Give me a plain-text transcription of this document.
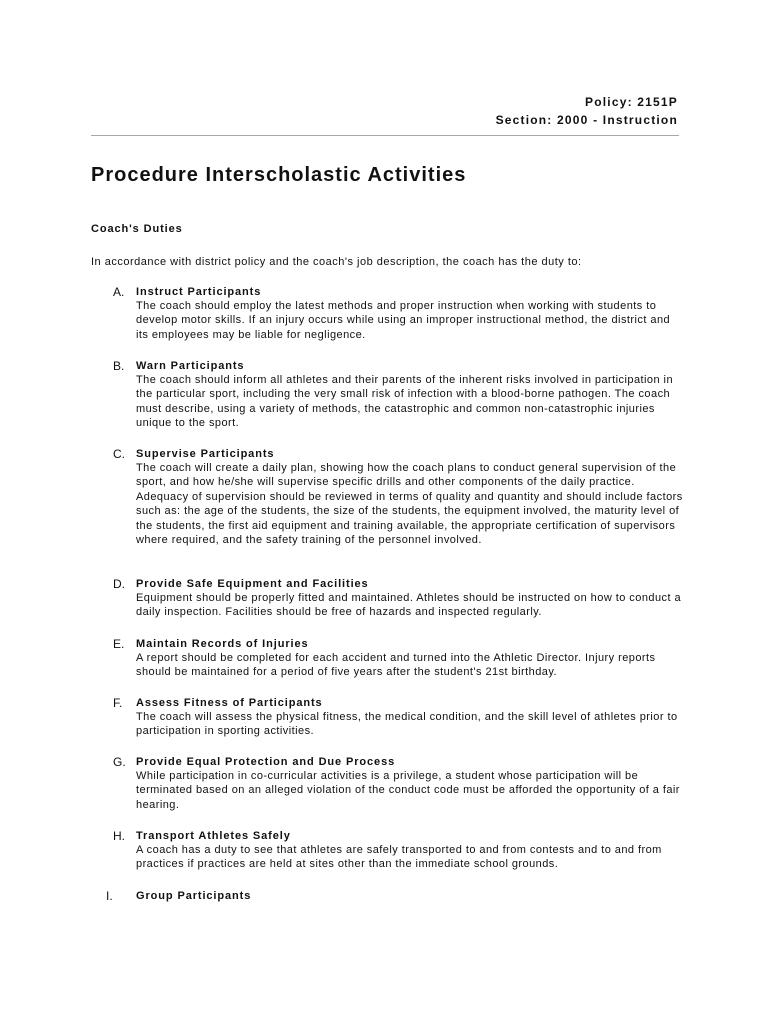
Policy: 2151P
Section: 2000 - Instruction
Procedure Interscholastic Activities
Coach's Duties

In accordance with district policy and the coach's job description, the coach has the duty to:

A. Instruct Participants

The coach should employ the latest methods and proper instruction when working with students to develop motor skills. If an injury occurs while using an improper instructional method, the district and its employees may be liable for negligence.

B. Warn Participants

The coach should inform all athletes and their parents of the inherent risks involved in participation in the particular sport, including the very small risk of infection with a blood-borne pathogen. The coach must describe, using a variety of methods, the catastrophic and common non-catastrophic injuries unique to the sport.

C. Supervise Participants

The coach will create a daily plan, showing how the coach plans to conduct general supervision of the sport, and how he/she will supervise specific drills and other components of the daily practice. Adequacy of supervision should be reviewed in terms of quality and quantity and should include factors such as: the age of the students, the size of the students, the equipment involved, the maturity level of the students, the first aid equipment and training available, the appropriate certification of supervisors where required, and the safety training of the personnel involved.

D. Provide Safe Equipment and Facilities

Equipment should be properly fitted and maintained. Athletes should be instructed on how to conduct a daily inspection. Facilities should be free of hazards and inspected regularly.

E. Maintain Records of Injuries

A report should be completed for each accident and turned into the Athletic Director. Injury reports should be maintained for a period of five years after the student's 21st birthday.

F. Assess Fitness of Participants

The coach will assess the physical fitness, the medical condition, and the skill level of athletes prior to participation in sporting activities.

G. Provide Equal Protection and Due Process

While participation in co-curricular activities is a privilege, a student whose participation will be terminated based on an alleged violation of the conduct code must be afforded the opportunity of a fair hearing.

H. Transport Athletes Safely

A coach has a duty to see that athletes are safely transported to and from contests and to and from practices if practices are held at sites other than the immediate school grounds.

I. Group Participants
